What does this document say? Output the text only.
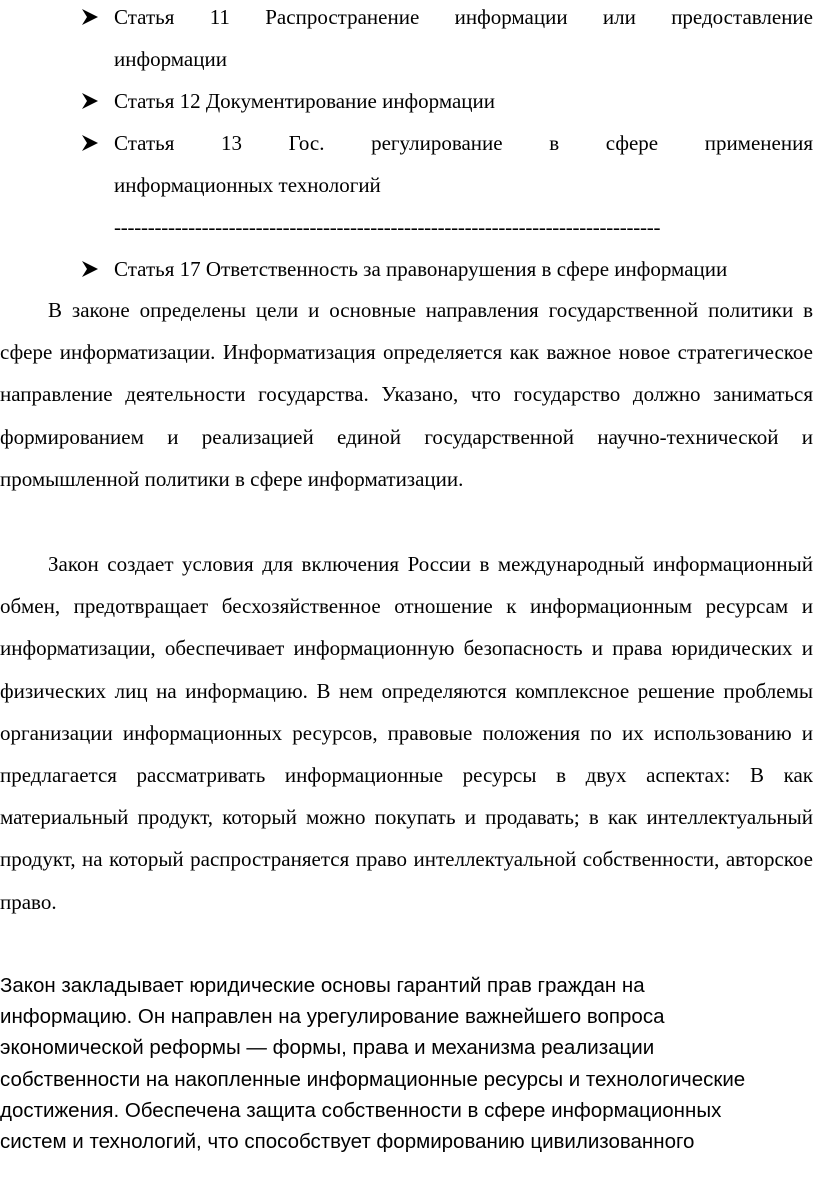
Статья 11 Распространение информации или предоставление
информации
Статья 12 Документирование информации
Статья 13 Гос. регулирование в сфере применения
информационных технологий
---------------------------------------------------------------------------------
Статья 17 Ответственность за правонарушения в сфере информации

В законе определены цели и основные направления государственной политики в сфере информатизации. Информатизация определяется как важное новое стратегическое направление деятельности государства. Указано, что государство должно заниматься формированием и реализацией единой государственной научно-технической и промышленной политики в сфере информатизации.

Закон создает условия для включения России в международный информационный обмен, предотвращает бесхозяйственное отношение к информационным ресурсам и информатизации, обеспечивает информационную безопасность и права юридических и физических лиц на информацию. В нем определяются комплексное решение проблемы организации информационных ресурсов, правовые положения по их использованию и предлагается рассматривать информационные ресурсы в двух аспектах: В как материальный продукт, который можно покупать и продавать; в как интеллектуальный продукт, на который распространяется право интеллектуальной собственности, авторское право.

Закон закладывает юридические основы гарантий прав граждан на
информацию. Он направлен на урегулирование важнейшего вопроса
экономической реформы — формы, права и механизма реализации
собственности на накопленные информационные ресурсы и технологические
достижения. Обеспечена защита собственности в сфере информационных
систем и технологий, что способствует формированию цивилизованного
